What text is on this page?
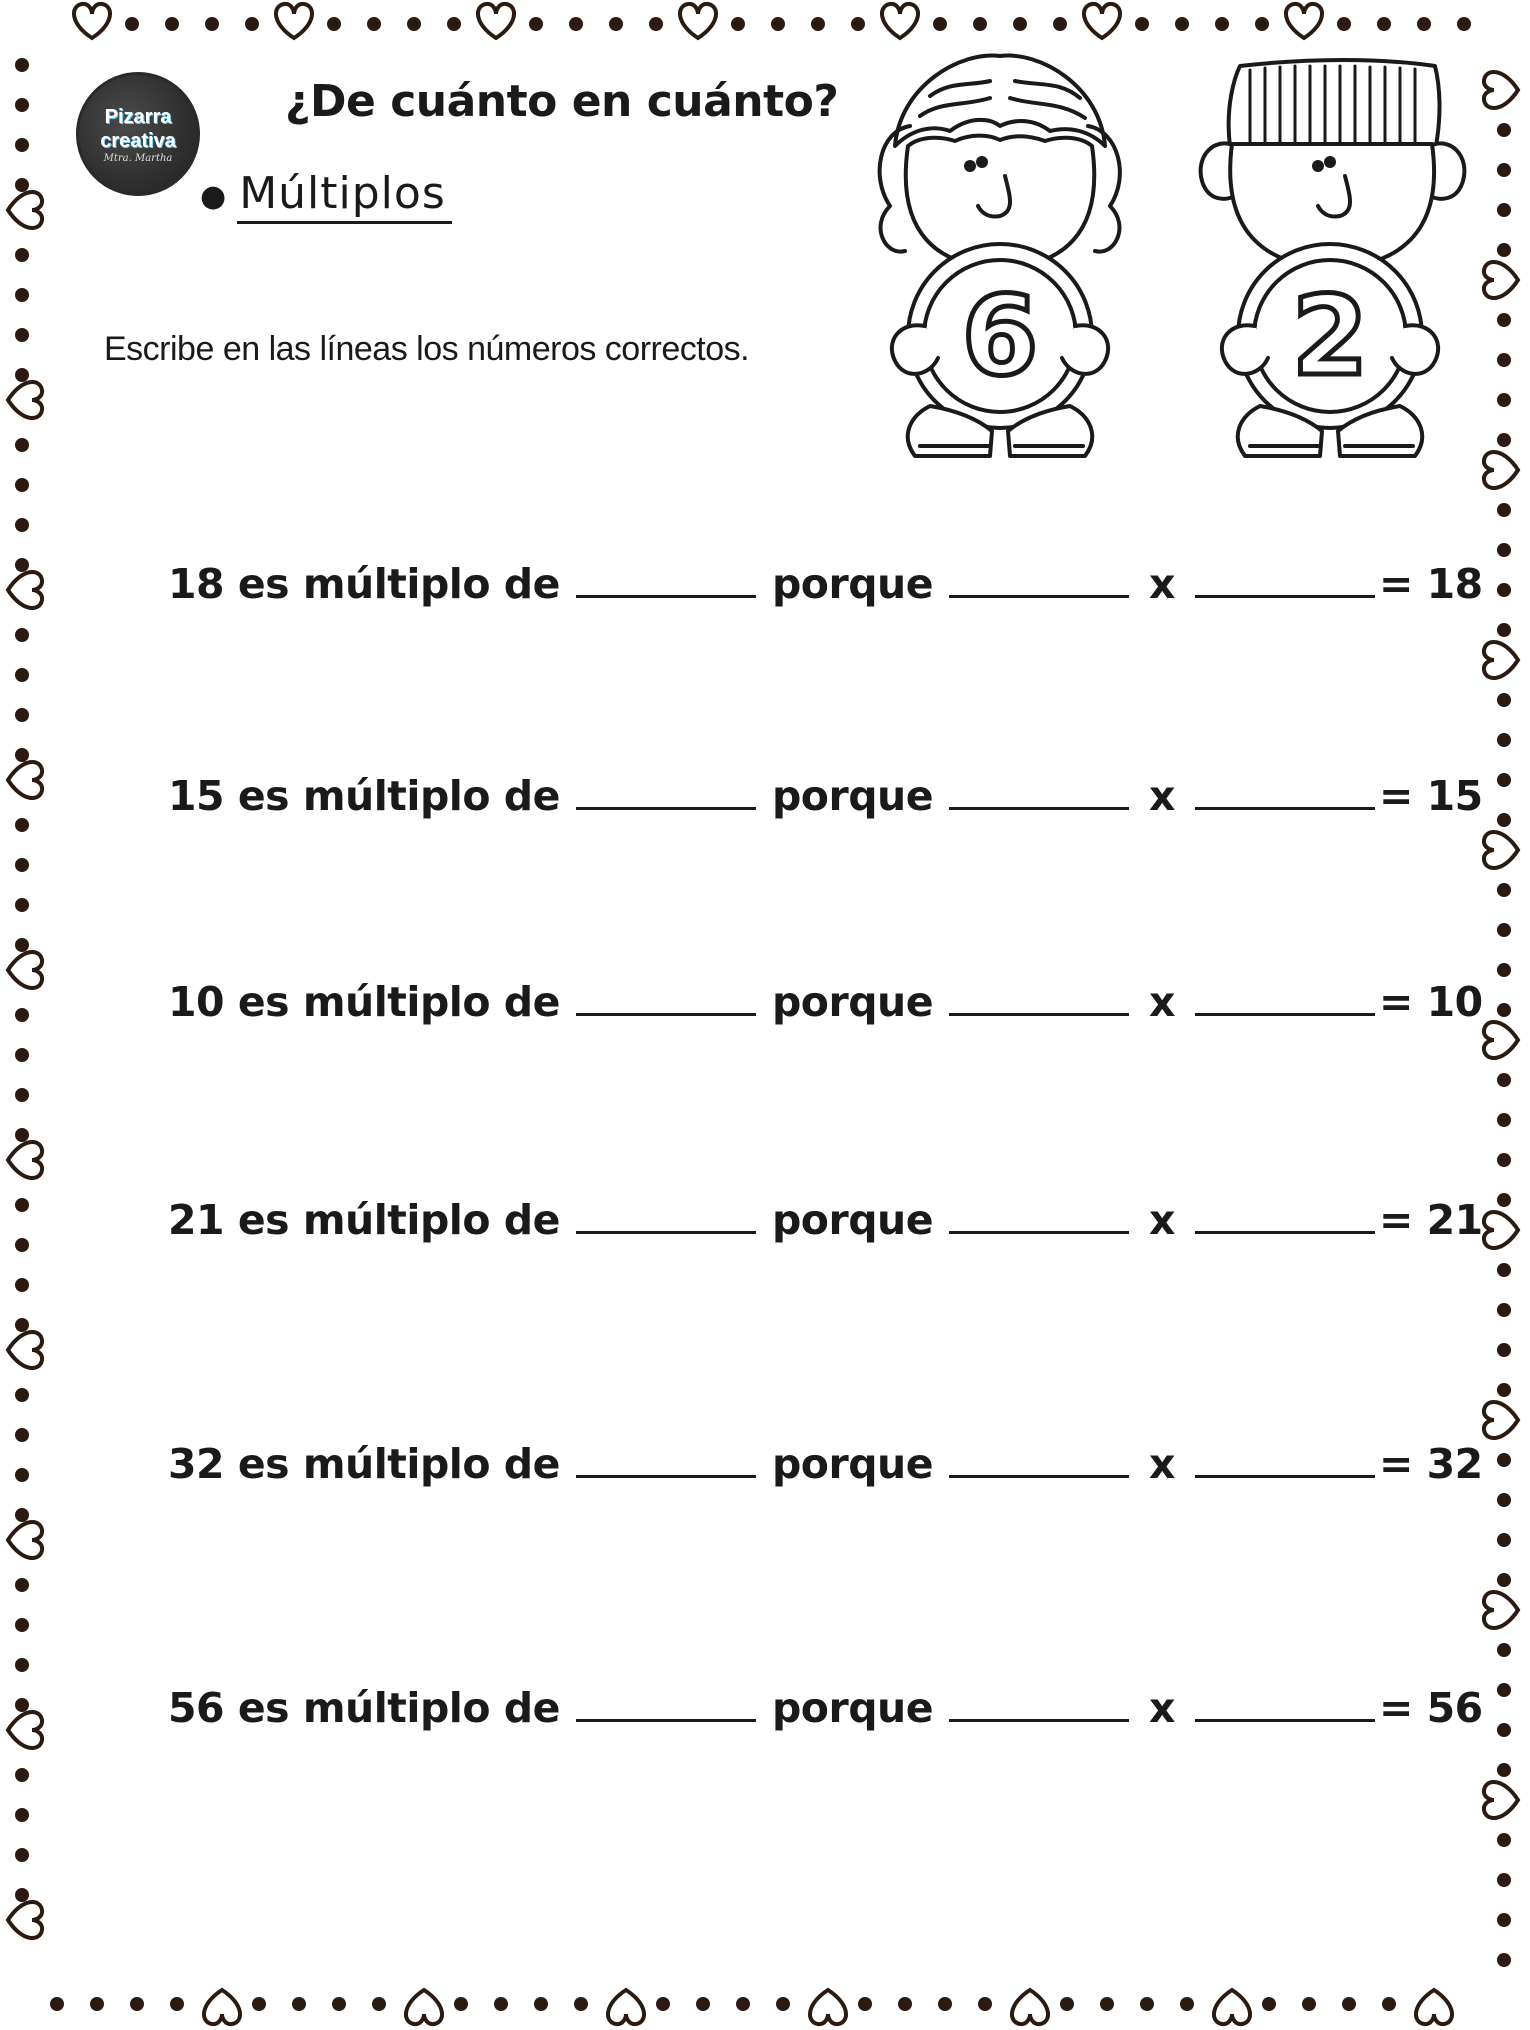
Pizarra
creativa
Mtra. Martha
¿De cuánto en cuánto?
● Múltiplos
Escribe en las líneas los números correctos. 6 2
18
es múltiplo de	porque	x	= 18
15
es múltiplo de	porque	x	= 15
10
es múltiplo de	porque	x	= 10
21
es múltiplo de	porque	x	= 21
32
es múltiplo de	porque	x	= 32
56
es múltiplo de	porque	x	= 56
